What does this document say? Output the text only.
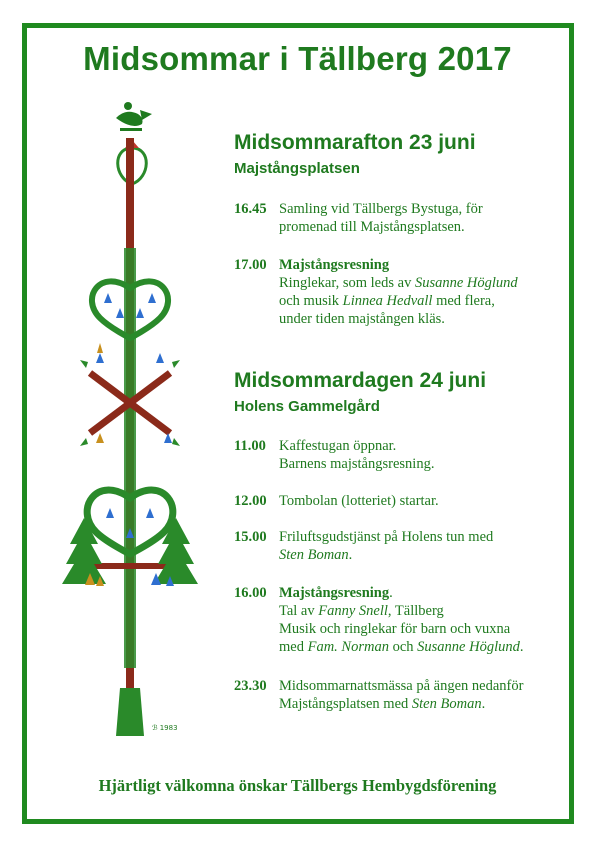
Midsommar i Tällberg 2017
ℬ 1983
Midsommarafton 23 juni
Majstångsplatsen
16.45 Samling vid Tällbergs Bystuga, för
promenad till Majstångsplatsen.
17.00 Majstångsresning
Ringlekar, som leds av Susanne Höglund
och musik Linnea Hedvall med flera,
under tiden majstången kläs.
Midsommardagen 24 juni
Holens Gammelgård
11.00 Kaffestugan öppnar.
Barnens majstångsresning.
12.00 Tombolan (lotteriet) startar.
15.00 Friluftsgudstjänst på Holens tun med
Sten Boman.
16.00 Majstångsresning.
Tal av Fanny Snell, Tällberg
Musik och ringlekar för barn och vuxna
med Fam. Norman och Susanne Höglund.
23.30 Midsommarnattsmässa på ängen nedanför
Majstångsplatsen med Sten Boman.
Hjärtligt välkomna önskar Tällbergs Hembygdsförening
